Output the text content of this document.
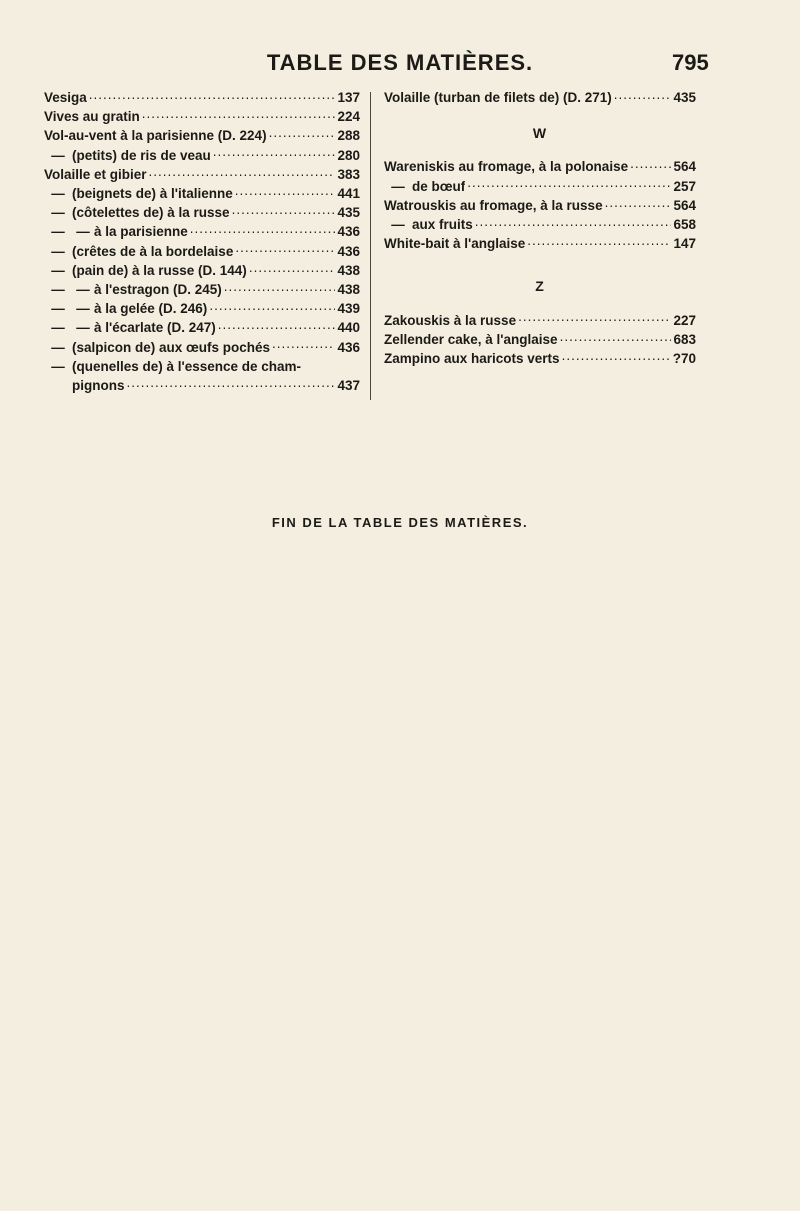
TABLE DES MATIÈRES.	795
Vesiga .....	137
Vives au gratin .....	224
Vol-au-vent à la parisienne (D. 224) .....	288
— (petits) de ris de veau .....	280
Volaille et gibier .....	383
— (beignets de) à l'italienne .....	441
— (côtelettes de) à la russe .....	435
— — à la parisienne .....	436
— (crêtes de à la bordelaise .....	436
— (pain de) à la russe (D. 144) .....	438
— — à l'estragon (D. 245) .....	438
— — à la gelée (D. 246) .....	439
— — à l'écarlate (D. 247) .....	440
— (salpicon de) aux œufs pochés .....	436
— (quenelles de) à l'essence de cham-
pignons .....	437
Volaille (turban de filets de) (D. 271) .....	435
W
Wareniskis au fromage, à la polonaise .....	564
— de bœuf .....	257
Watrouskis au fromage, à la russe .....	564
— aux fruits .....	658
White-bait à l'anglaise .....	147
Z
Zakouskis à la russe .....	227
Zellender cake, à l'anglaise .....	683
Zampino aux haricots verts .....	?70
FIN DE LA TABLE DES MATIÈRES.
